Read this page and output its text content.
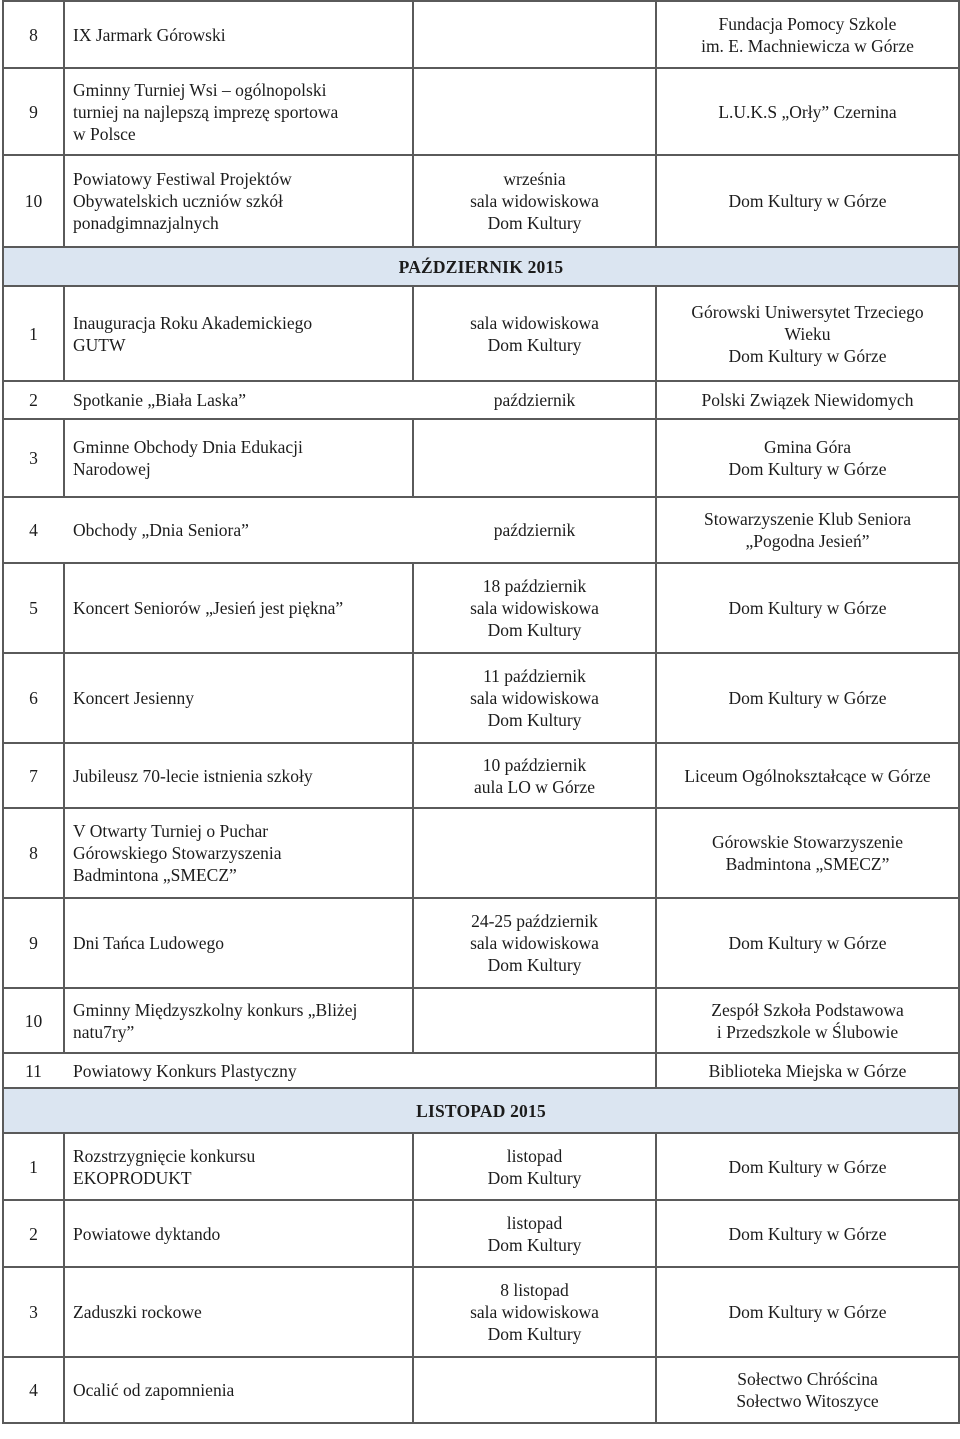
8	IX Jarmark Górowski		Fundacja Pomocy Szkole
im. E. Machniewicza w Górze

9	Gminny Turniej Wsi – ogólnopolski
turniej na najlepszą imprezę sportowa
w Polsce		L.U.K.S „Orły” Czernina

10	Powiatowy Festiwal Projektów
Obywatelskich uczniów szkół
ponadgimnazjalnych	września
sala widowiskowa
Dom Kultury	Dom Kultury w Górze

PAŹDZIERNIK 2015			
1	Inauguracja Roku Akademickiego
GUTW	sala widowiskowa
Dom Kultury	Górowski Uniwersytet Trzeciego
Wieku
Dom Kultury w Górze

2	Spotkanie „Biała Laska”	październik	Polski Związek Niewidomych

3	Gminne Obchody Dnia Edukacji
Narodowej		Gmina Góra
Dom Kultury w Górze

4	Obchody „Dnia Seniora”	październik	Stowarzyszenie Klub Seniora
„Pogodna Jesień”

5	Koncert Seniorów „Jesień jest piękna”	18 październik
sala widowiskowa
Dom Kultury	Dom Kultury w Górze

6	Koncert Jesienny	11 październik
sala widowiskowa
Dom Kultury	Dom Kultury w Górze

7	Jubileusz 70-lecie istnienia szkoły	10 październik
aula LO w Górze	Liceum Ogólnokształcące w Górze

8	V Otwarty Turniej o Puchar
Górowskiego Stowarzyszenia
Badmintona „SMECZ”		Górowskie Stowarzyszenie
Badmintona „SMECZ”

9	Dni Tańca Ludowego	24-25 październik
sala widowiskowa
Dom Kultury	Dom Kultury w Górze

10	Gminny Międzyszkolny konkurs „Bliżej
natu7ry”		Zespół Szkoła Podstawowa
i Przedszkole w Ślubowie

11	Powiatowy Konkurs Plastyczny		Biblioteka Miejska w Górze

LISTOPAD 2015			
1	Rozstrzygnięcie konkursu
EKOPRODUKT	listopad
Dom Kultury	Dom Kultury w Górze

2	Powiatowe dyktando	listopad
Dom Kultury	Dom Kultury w Górze

3	Zaduszki rockowe	8 listopad
sala widowiskowa
Dom Kultury	Dom Kultury w Górze

4	Ocalić od zapomnienia		Sołectwo Chróścina
Sołectwo Witoszyce
